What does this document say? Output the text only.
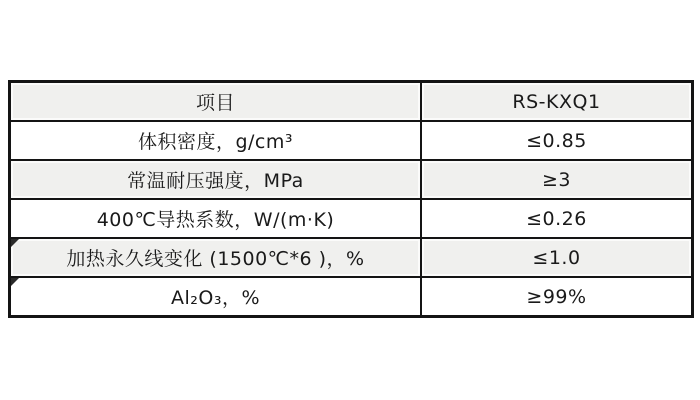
项目	RS-KXQ1
体积密度，g/cm³	≤0.85
常温耐压强度，MPa	≥3
400℃导热系数，W/(m·K)	≤0.26
加热永久线变化 (1500℃*6 )，%	≤1.0
Al₂O₃，%	≥99%
